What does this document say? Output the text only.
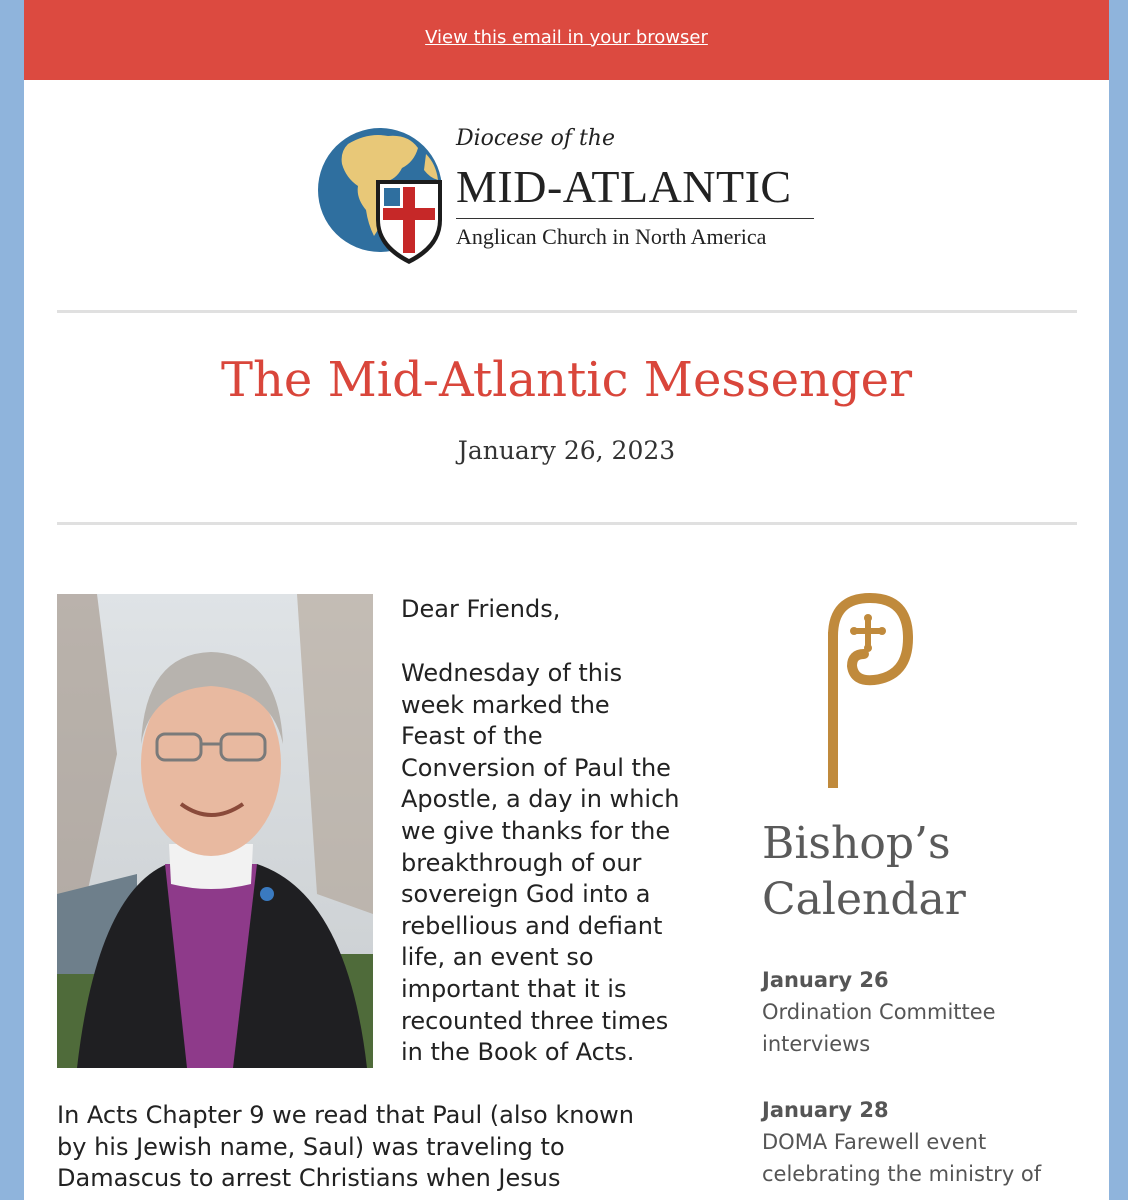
View this email in your browser
Diocese of the
MID-ATLANTIC
Anglican Church in North America
The Mid-Atlantic Messenger
January 26, 2023
Dear Friends,
Wednesday of this
week marked the
Feast of the
Conversion of Paul the
Apostle, a day in which
we give thanks for the
breakthrough of our
sovereign God into a
rebellious and defiant
life, an event so
important that it is
recounted three times
in the Book of Acts.
In Acts Chapter 9 we read that Paul (also known
by his Jewish name, Saul) was traveling to
Damascus to arrest Christians when Jesus
Bishop’s
Calendar
January 26
Ordination Committee
interviews
January 28
DOMA Farewell event
celebrating the ministry of
